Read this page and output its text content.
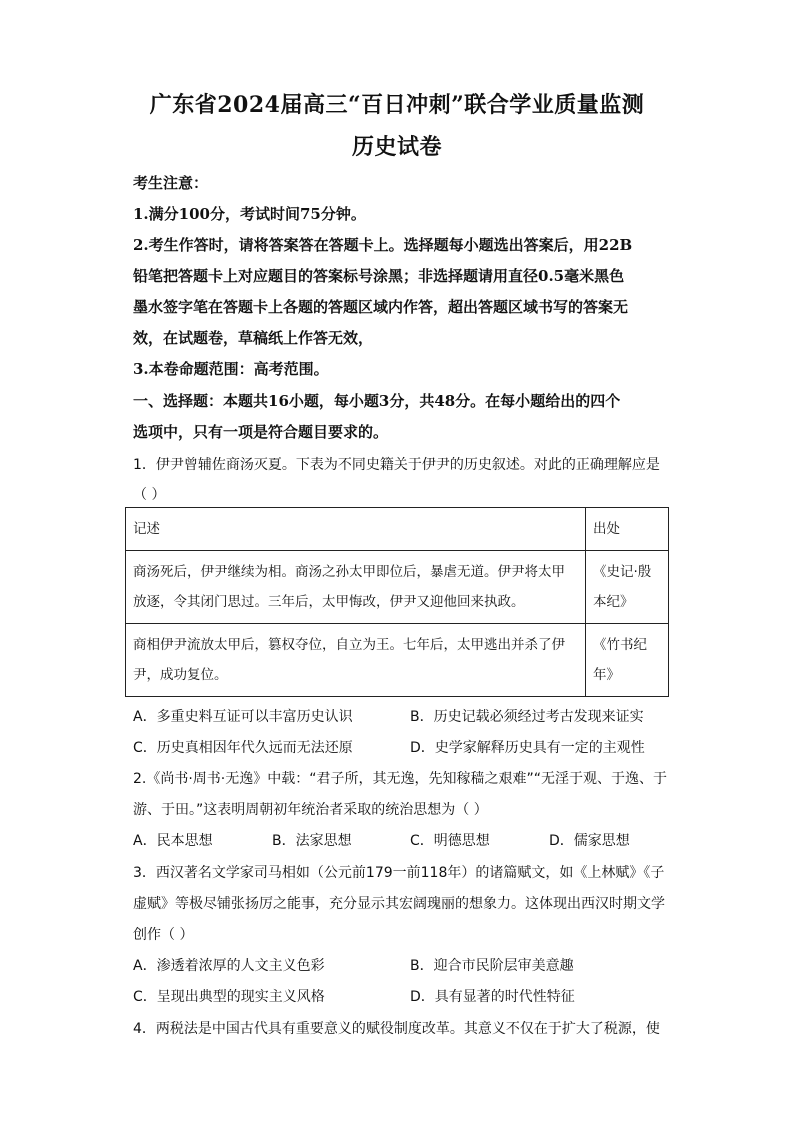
广东省2024届高三“百日冲刺”联合学业质量监测
历史试卷
考生注意：
1.满分100分，考试时间75分钟。
2.考生作答时，请将答案答在答题卡上。选择题每小题选出答案后，用22B
铅笔把答题卡上对应题目的答案标号涂黑；非选择题请用直径0.5毫米黑色
墨水签字笔在答题卡上各题的答题区域内作答，超出答题区域书写的答案无
效，在试题卷，草稿纸上作答无效，
3.本卷命题范围：高考范围。
一、选择题：本题共16小题，每小题3分，共48分。在每小题给出的四个
选项中，只有一项是符合题目要求的。
1．伊尹曾辅佐商汤灭夏。下表为不同史籍关于伊尹的历史叙述。对此的正确理解应是
（ ）
记述	出处
商汤死后，伊尹继续为相。商汤之孙太甲即位后，暴虐无道。伊尹将太甲放逐，令其闭门思过。三年后，太甲悔改，伊尹又迎他回来执政。	《史记·殷本纪》
商相伊尹流放太甲后，篡权夺位，自立为王。七年后，太甲逃出并杀了伊尹，成功复位。	《竹书纪年》
A．多重史料互证可以丰富历史认识	B．历史记载必须经过考古发现来证实
C．历史真相因年代久远而无法还原	D．史学家解释历史具有一定的主观性
2.《尚书·周书·无逸》中载：“君子所，其无逸，先知稼穑之艰难”“无淫于观、于逸、于
游、于田。”这表明周朝初年统治者采取的统治思想为（ ）
A．民本思想	B．法家思想	C．明德思想	D．儒家思想
3．西汉著名文学家司马相如（公元前179一前118年）的诸篇赋文，如《上林赋》《子
虚赋》等极尽铺张扬厉之能事，充分显示其宏阔瑰丽的想象力。这体现出西汉时期文学
创作（ ）
A．渗透着浓厚的人文主义色彩	B．迎合市民阶层审美意趣
C．呈现出典型的现实主义风格	D．具有显著的时代性特征
4．两税法是中国古代具有重要意义的赋役制度改革。其意义不仅在于扩大了税源，使
